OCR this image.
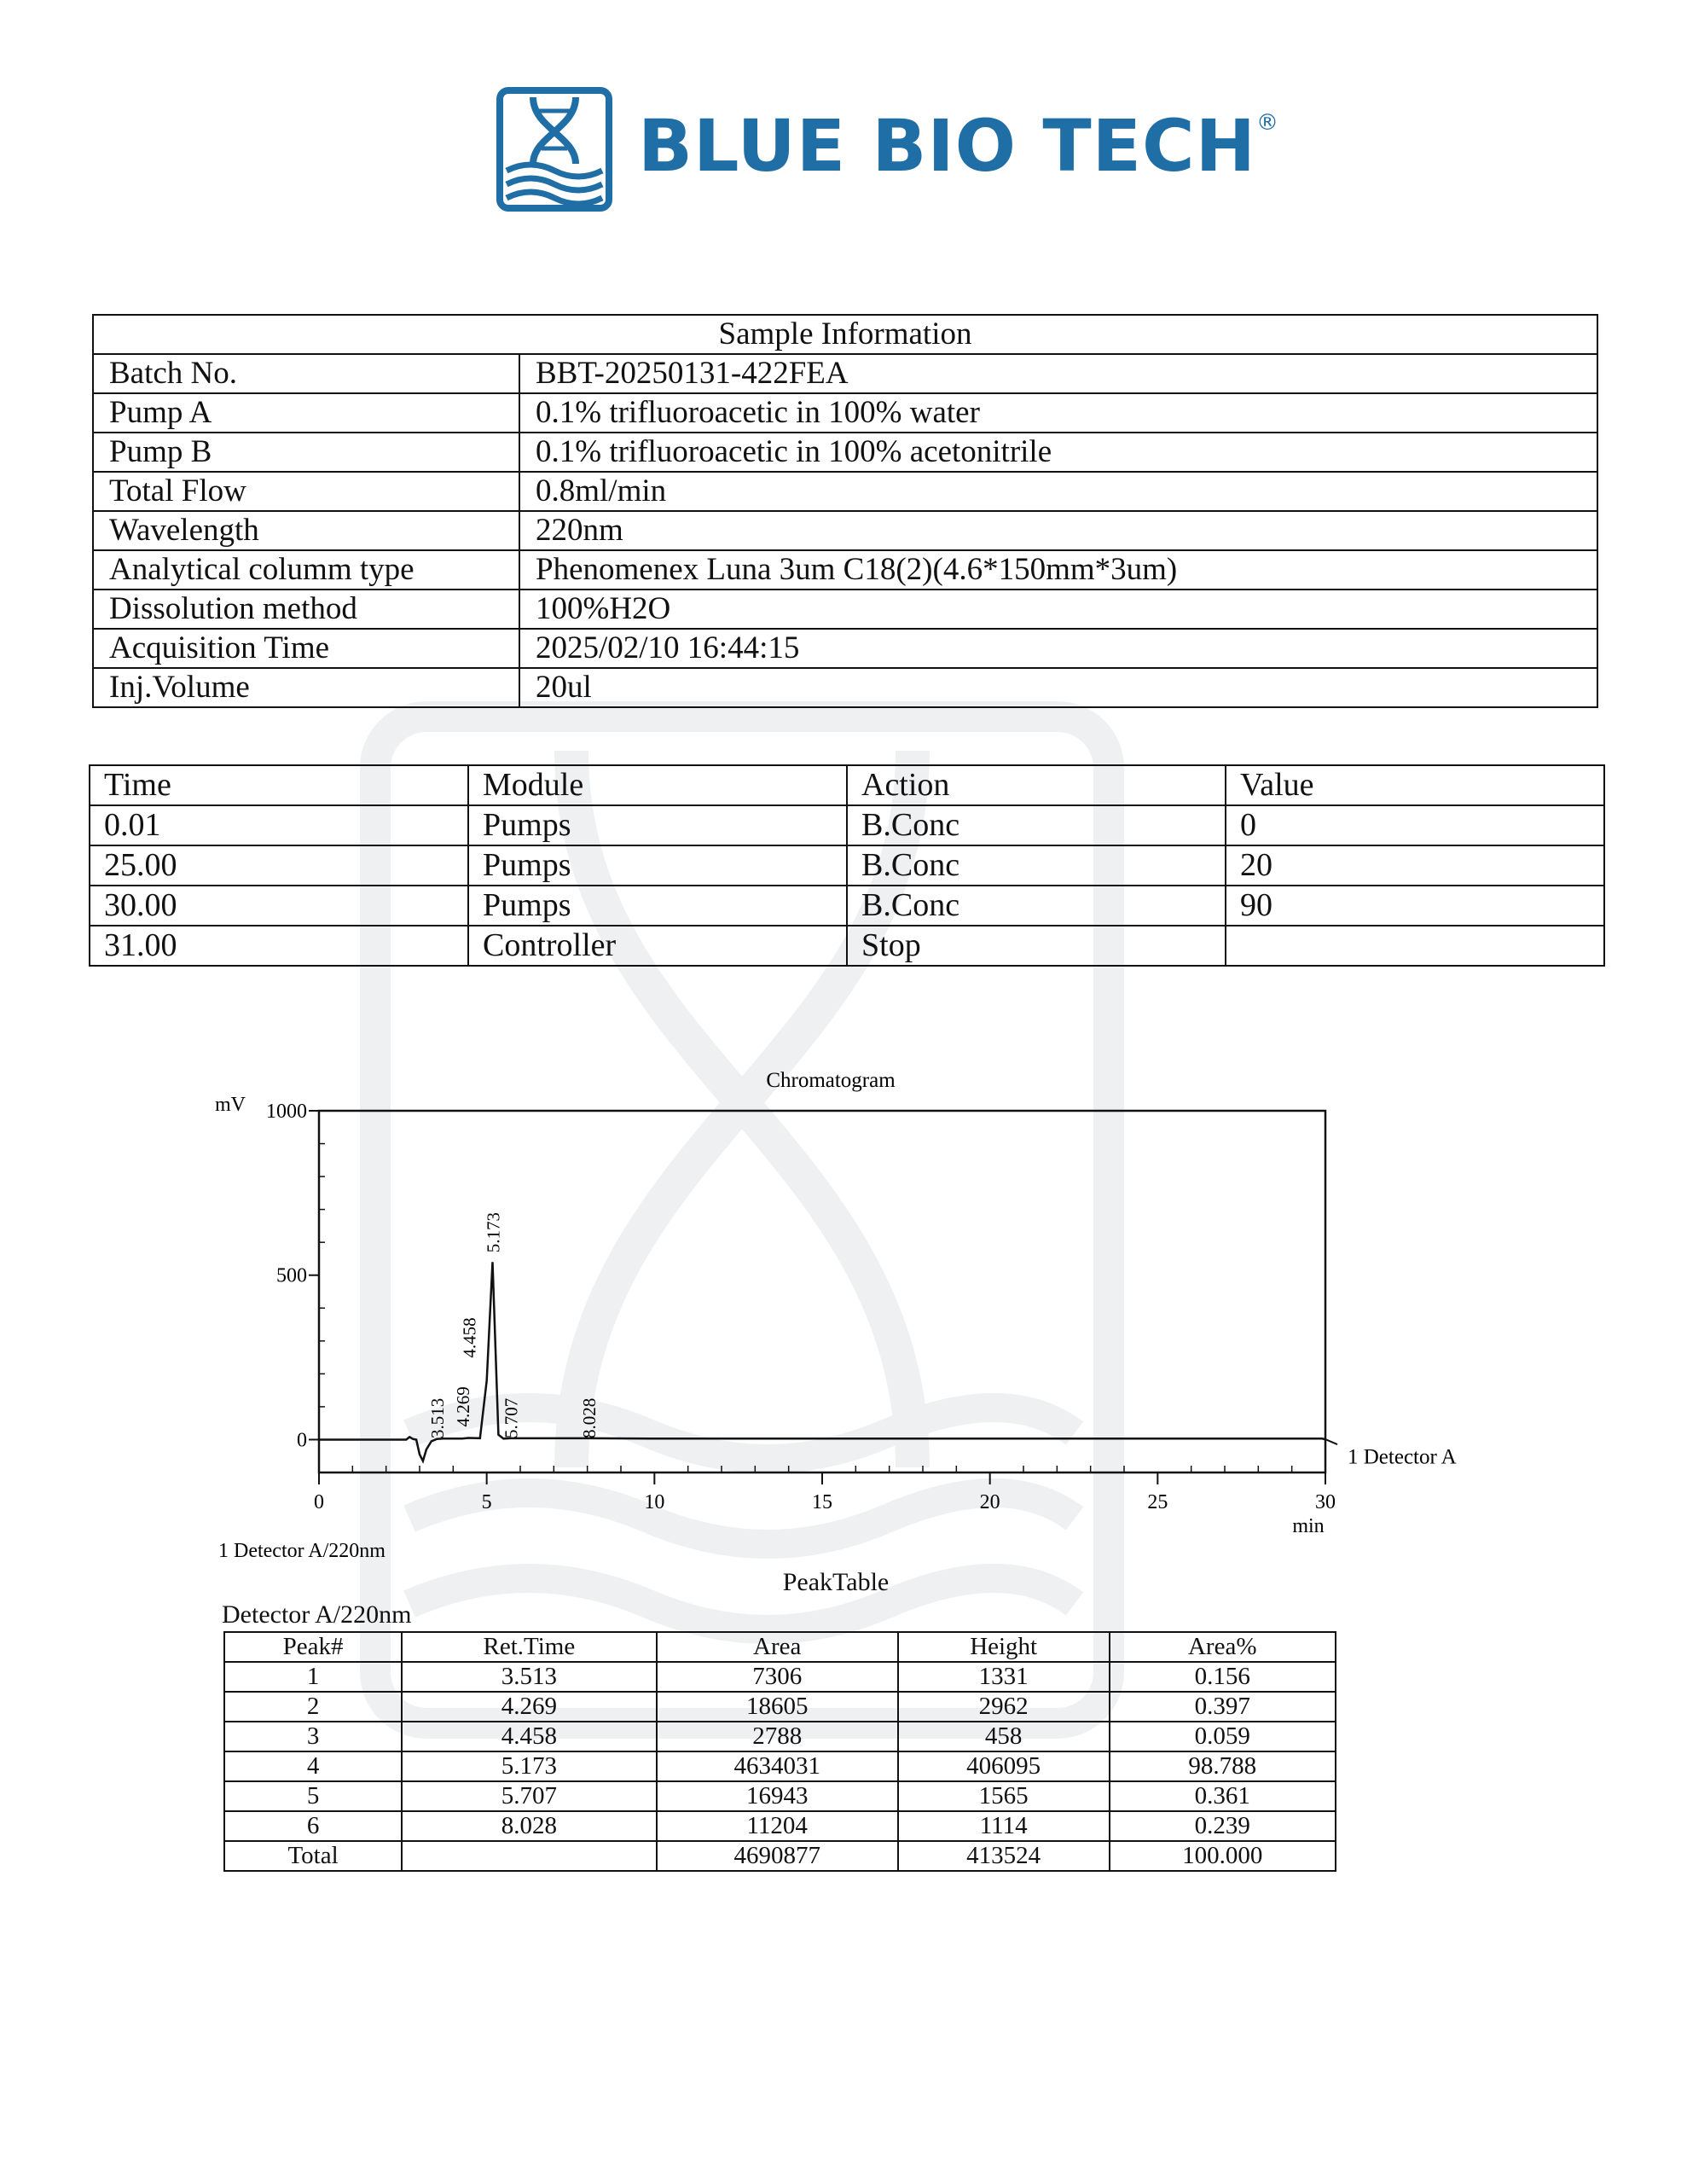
BLUE BIO TECH®
Sample Information	
Batch No.	BBT-20250131-422FEA
Pump A	0.1% trifluoroacetic in 100% water
Pump B	0.1% trifluoroacetic in 100% acetonitrile
Total Flow	0.8ml/min
Wavelength	220nm
Analytical columm type	Phenomenex Luna 3um C18(2)(4.6*150mm*3um)
Dissolution method	100%H2O
Acquisition Time	2025/02/10 16:44:15
Inj.Volume	20ul
Time	Module	Action	Value
0.01	Pumps	B.Conc	0
25.00	Pumps	B.Conc	20
30.00	Pumps	B.Conc	90
31.00	Controller	Stop	
Chromatogram
mV
min
0
500
1000
0	5	10	15	20	25	30
1 Detector A
3.513 4.269
4.458
5.173
5.707	8.028
1 Detector A/220nm
PeakTable
Detector A/220nm
Peak#	Ret.Time	Area	Height	Area%
1	3.513	7306	1331	0.156
2	4.269	18605	2962	0.397
3	4.458	2788	458	0.059
4	5.173	4634031	406095	98.788
5	5.707	16943	1565	0.361
6	8.028	11204	1114	0.239
Total		4690877	413524	100.000
